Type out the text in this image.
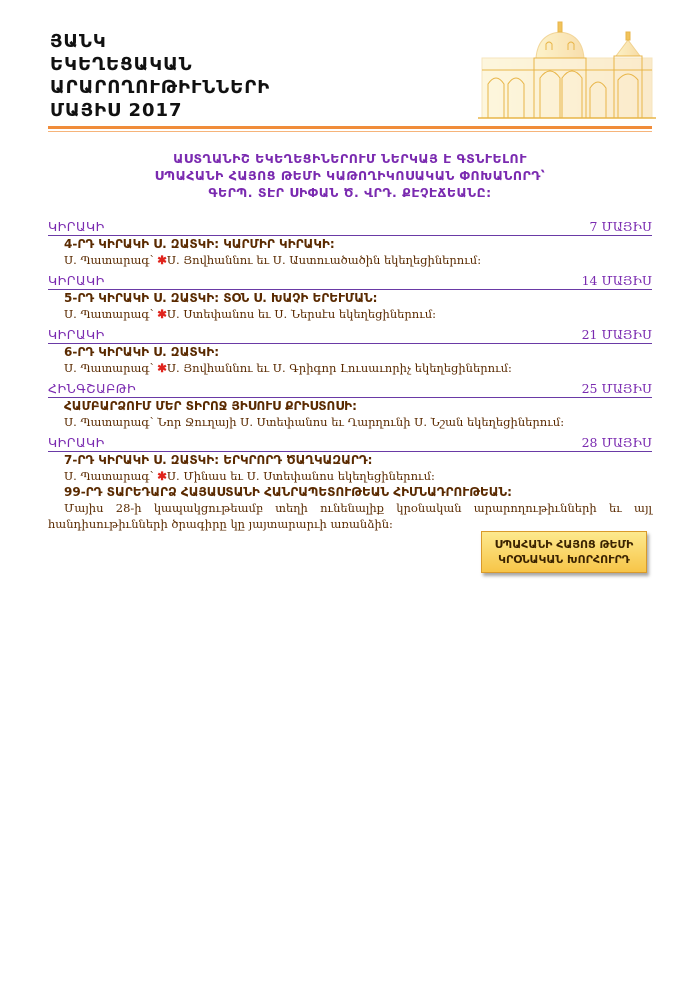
ՅԱՆԿ
ԵԿԵՂԵՑԱԿԱՆ
ԱՐԱՐՈՂՈՒԹԻՒՆՆԵՐԻ
ՄԱՅԻՍ 2017
ԱՍՏՂԱՆԻՇ ԵԿԵՂԵՑԻՆԵՐՈՒՄ ՆԵՐԿԱՅ Է ԳՏՆՒԵԼՈՒ
ՍՊԱՀԱՆԻ ՀԱՅՈՑ ԹԵՄԻ ԿԱԹՈՂԻԿՈՍԱԿԱՆ ՓՈԽԱՆՈՐԴ՝
ԳԵՐՊ. ՏԷՐ ՍԻՓԱՆ Ծ. ՎՐԴ. ՔԷՉԷՃԵԱՆԸ:
ԿԻՐԱԿԻ	7 ՄԱՅԻՍ
4-ՐԴ ԿԻՐԱԿԻ Ս. ԶԱՏԿԻ: ԿԱՐՄԻՐ ԿԻՐԱԿԻ:
Ս. Պատարագ՝ ✱Ս. Յովհաննու եւ Ս. Աստուածածին եկեղեցիներում:
ԿԻՐԱԿԻ	14 ՄԱՅԻՍ
5-ՐԴ ԿԻՐԱԿԻ Ս. ԶԱՏԿԻ: ՏՕՆ Ս. ԽԱՉԻ ԵՐԵՒՄԱՆ:
Ս. Պատարագ՝ ✱Ս. Ստեփանոս եւ Ս. Ներսէս եկեղեցիներում:
ԿԻՐԱԿԻ	21 ՄԱՅԻՍ
6-ՐԴ ԿԻՐԱԿԻ Ս. ԶԱՏԿԻ:
Ս. Պատարագ՝ ✱Ս. Յովհաննու եւ Ս. Գրիգոր Լուսաւորիչ եկեղեցիներում:
ՀԻՆԳՇԱԲԹԻ	25 ՄԱՅԻՍ
ՀԱՄԲԱՐՁՈՒՄ ՄԵՐ ՏԻՐՈՋ ՅԻՍՈՒՍ ՔՐԻՍՏՈՍԻ:
Ս. Պատարագ՝ Նոր Ջուղայի Ս. Ստեփանոս եւ Ղարղունի Ս. Նշան եկեղեցիներում:
ԿԻՐԱԿԻ	28 ՄԱՅԻՍ
7-ՐԴ ԿԻՐԱԿԻ Ս. ԶԱՏԿԻ: ԵՐԿՐՈՐԴ ԾԱՂԿԱԶԱՐԴ:
Ս. Պատարագ՝ ✱Ս. Մինաս եւ Ս. Ստեփանոս եկեղեցիներում:
99-ՐԴ ՏԱՐԵԴԱՐՁ ՀԱՅԱՍՏԱՆԻ ՀԱՆՐԱՊԵՏՈՒԹԵԱՆ ՀԻՄՆԱԴՐՈՒԹԵԱՆ:
Մայիս 28-ի կապակցութեամբ տեղի ունենալիք կրօնական արարողութիւնների եւ այլ հանդիսութիւնների ծրագիրը կը յայտարարւի առանձին:
ՍՊԱՀԱՆԻ ՀԱՅՈՑ ԹԵՄԻ
ԿՐՕՆԱԿԱՆ ԽՈՐՀՈՒՐԴ
